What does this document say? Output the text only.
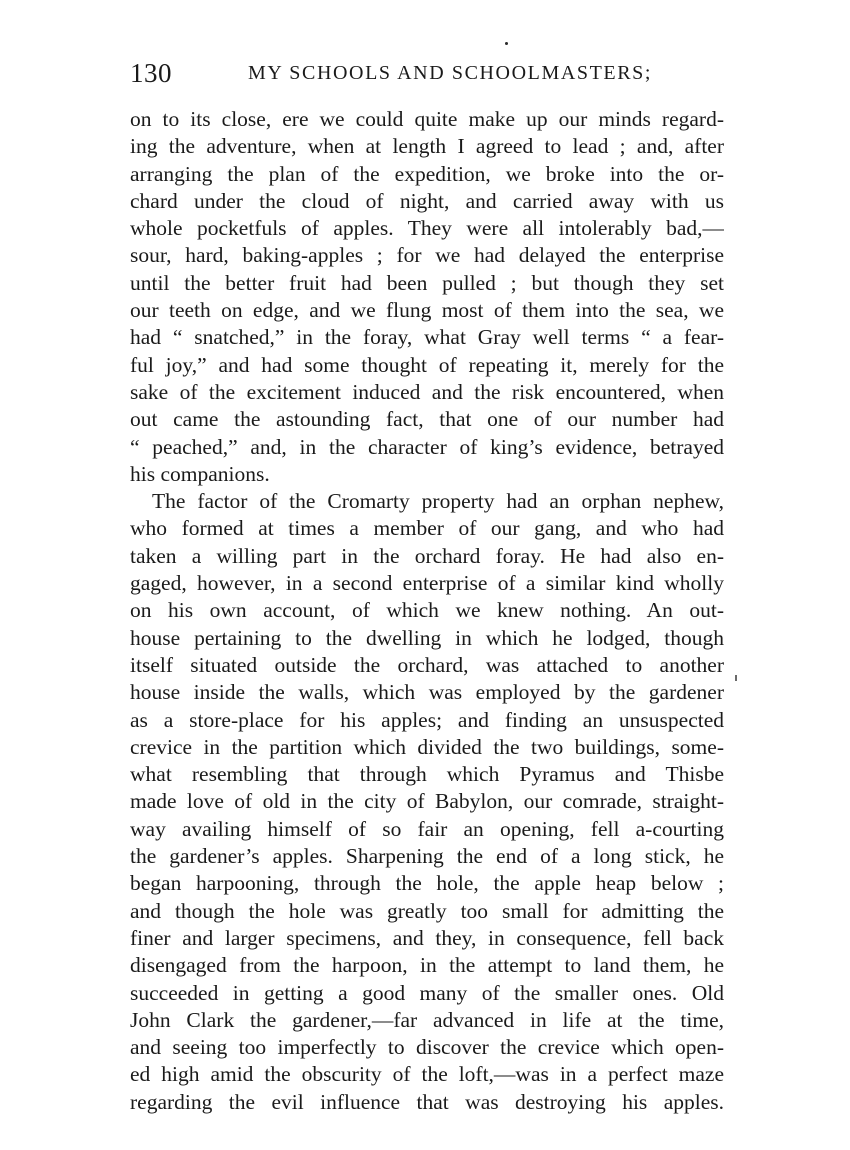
130	MY SCHOOLS AND SCHOOLMASTERS;
on to its close, ere we could quite make up our minds regard-
ing the adventure, when at length I agreed to lead ; and, after
arranging the plan of the expedition, we broke into the or-
chard under the cloud of night, and carried away with us
whole pocketfuls of apples. They were all intolerably bad,—
sour, hard, baking-apples ; for we had delayed the enterprise
until the better fruit had been pulled ; but though they set
our teeth on edge, and we flung most of them into the sea, we
had “ snatched,” in the foray, what Gray well terms “ a fear-
ful joy,” and had some thought of repeating it, merely for the
sake of the excitement induced and the risk encountered, when
out came the astounding fact, that one of our number had
“ peached,” and, in the character of king’s evidence, betrayed
his companions.
The factor of the Cromarty property had an orphan nephew,
who formed at times a member of our gang, and who had
taken a willing part in the orchard foray. He had also en-
gaged, however, in a second enterprise of a similar kind wholly
on his own account, of which we knew nothing. An out-
house pertaining to the dwelling in which he lodged, though
itself situated outside the orchard, was attached to another
house inside the walls, which was employed by the gardener
as a store-place for his apples; and finding an unsuspected
crevice in the partition which divided the two buildings, some-
what resembling that through which Pyramus and Thisbe
made love of old in the city of Babylon, our comrade, straight-
way availing himself of so fair an opening, fell a-courting
the gardener’s apples. Sharpening the end of a long stick, he
began harpooning, through the hole, the apple heap below ;
and though the hole was greatly too small for admitting the
finer and larger specimens, and they, in consequence, fell back
disengaged from the harpoon, in the attempt to land them, he
succeeded in getting a good many of the smaller ones. Old
John Clark the gardener,—far advanced in life at the time,
and seeing too imperfectly to discover the crevice which open-
ed high amid the obscurity of the loft,—was in a perfect maze
regarding the evil influence that was destroying his apples.
